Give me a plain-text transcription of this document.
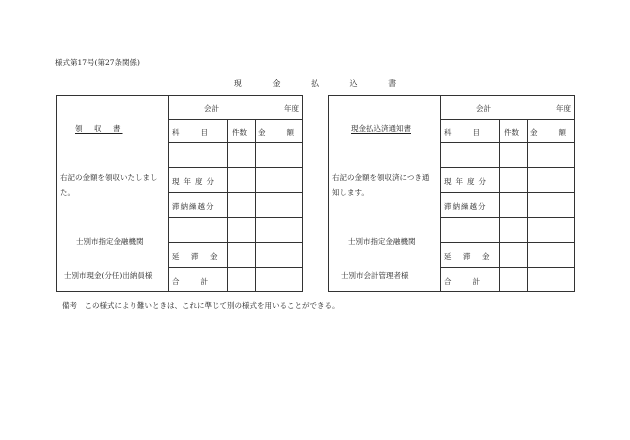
様式第17号(第27条関係)
現	金	払	込	書
領　収　書
右記の金額を領収いたしまし
た。
士別市指定金融機関
士別市現金(分任)出納員様
会計	年度
科　　目	件数 金　　額
現年度分
滞納繰越分
延　滞　金
合　　計
現金払込済通知書
右記の金額を領収済につき通
知します。
士別市指定金融機関
士別市会計管理者様
会計	年度
科　　目	件数 金　　額
現年度分
滞納繰越分
延　滞　金
合　　計
備考　この様式により難いときは、これに準じて別の様式を用いることができる。
